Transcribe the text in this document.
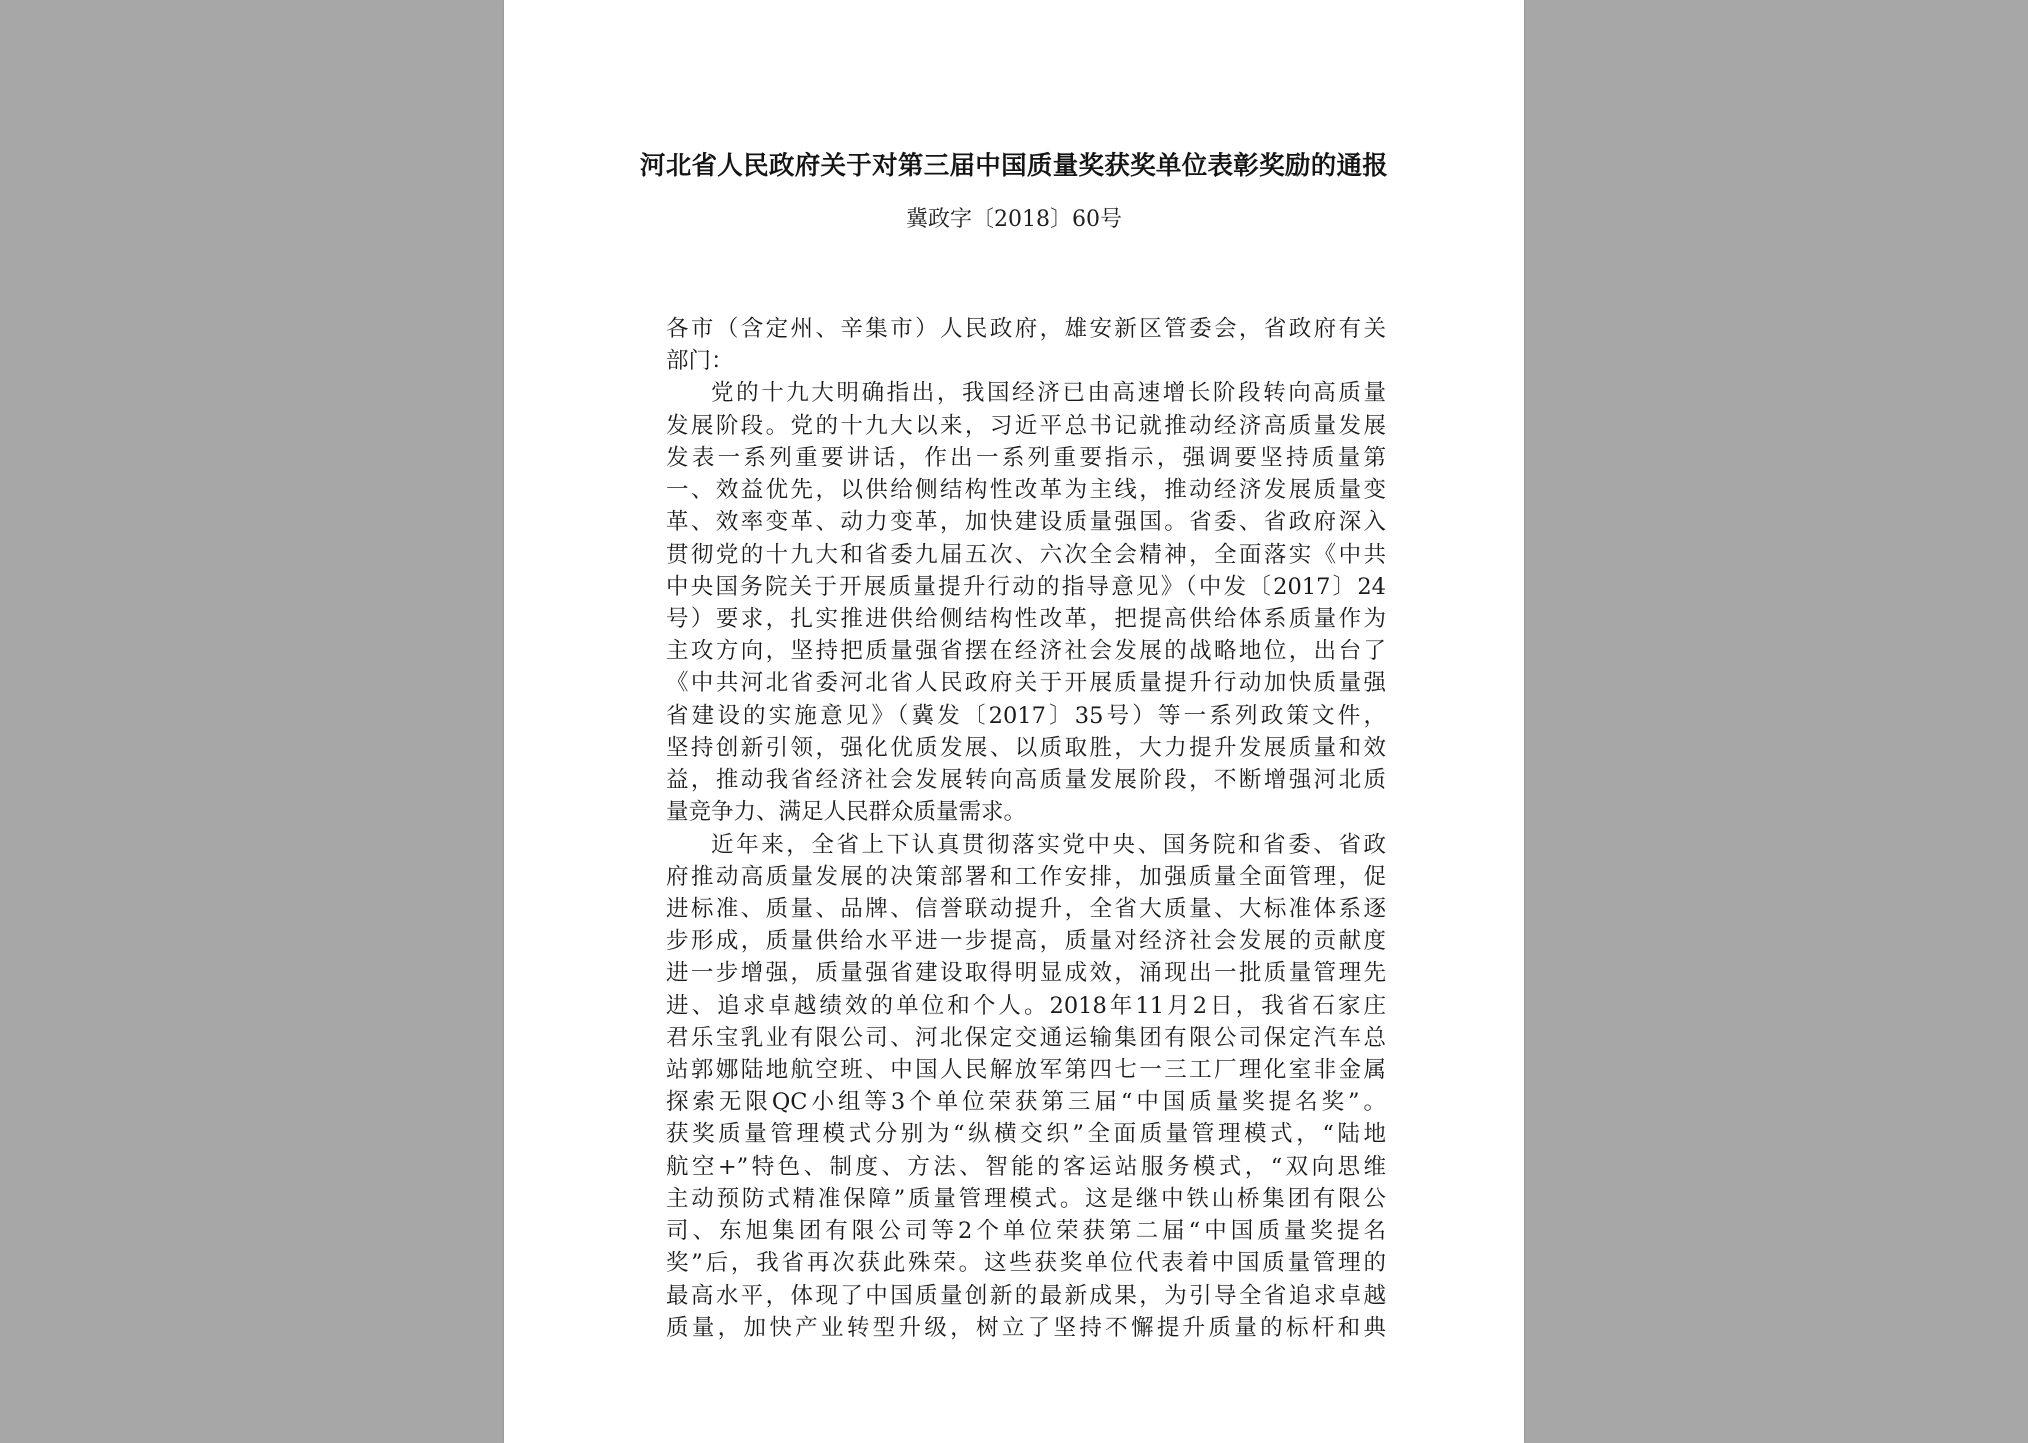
河北省人民政府关于对第三届中国质量奖获奖单位表彰奖励的通报
冀政字〔2018〕60号
各市（含定州、辛集市）人民政府，雄安新区管委会，省政府有关
部门：
党的十九大明确指出，我国经济已由高速增长阶段转向高质量
发展阶段。党的十九大以来，习近平总书记就推动经济高质量发展
发表一系列重要讲话，作出一系列重要指示，强调要坚持质量第
一、效益优先，以供给侧结构性改革为主线，推动经济发展质量变
革、效率变革、动力变革，加快建设质量强国。省委、省政府深入
贯彻党的十九大和省委九届五次、六次全会精神，全面落实《中共
中央国务院关于开展质量提升行动的指导意见》（中发〔2017〕24
号）要求，扎实推进供给侧结构性改革，把提高供给体系质量作为
主攻方向，坚持把质量强省摆在经济社会发展的战略地位，出台了
《中共河北省委河北省人民政府关于开展质量提升行动加快质量强
省建设的实施意见》（冀发〔2017〕35号）等一系列政策文件，
坚持创新引领，强化优质发展、以质取胜，大力提升发展质量和效
益，推动我省经济社会发展转向高质量发展阶段，不断增强河北质
量竞争力、满足人民群众质量需求。
近年来，全省上下认真贯彻落实党中央、国务院和省委、省政
府推动高质量发展的决策部署和工作安排，加强质量全面管理，促
进标准、质量、品牌、信誉联动提升，全省大质量、大标准体系逐
步形成，质量供给水平进一步提高，质量对经济社会发展的贡献度
进一步增强，质量强省建设取得明显成效，涌现出一批质量管理先
进、追求卓越绩效的单位和个人。2018年11月2日，我省石家庄
君乐宝乳业有限公司、河北保定交通运输集团有限公司保定汽车总
站郭娜陆地航空班、中国人民解放军第四七一三工厂理化室非金属
探索无限QC小组等3个单位荣获第三届“中国质量奖提名奖”。
获奖质量管理模式分别为“纵横交织”全面质量管理模式，“陆地
航空+”特色、制度、方法、智能的客运站服务模式，“双向思维
主动预防式精准保障”质量管理模式。这是继中铁山桥集团有限公
司、东旭集团有限公司等2个单位荣获第二届“中国质量奖提名
奖”后，我省再次获此殊荣。这些获奖单位代表着中国质量管理的
最高水平，体现了中国质量创新的最新成果，为引导全省追求卓越
质量，加快产业转型升级，树立了坚持不懈提升质量的标杆和典
